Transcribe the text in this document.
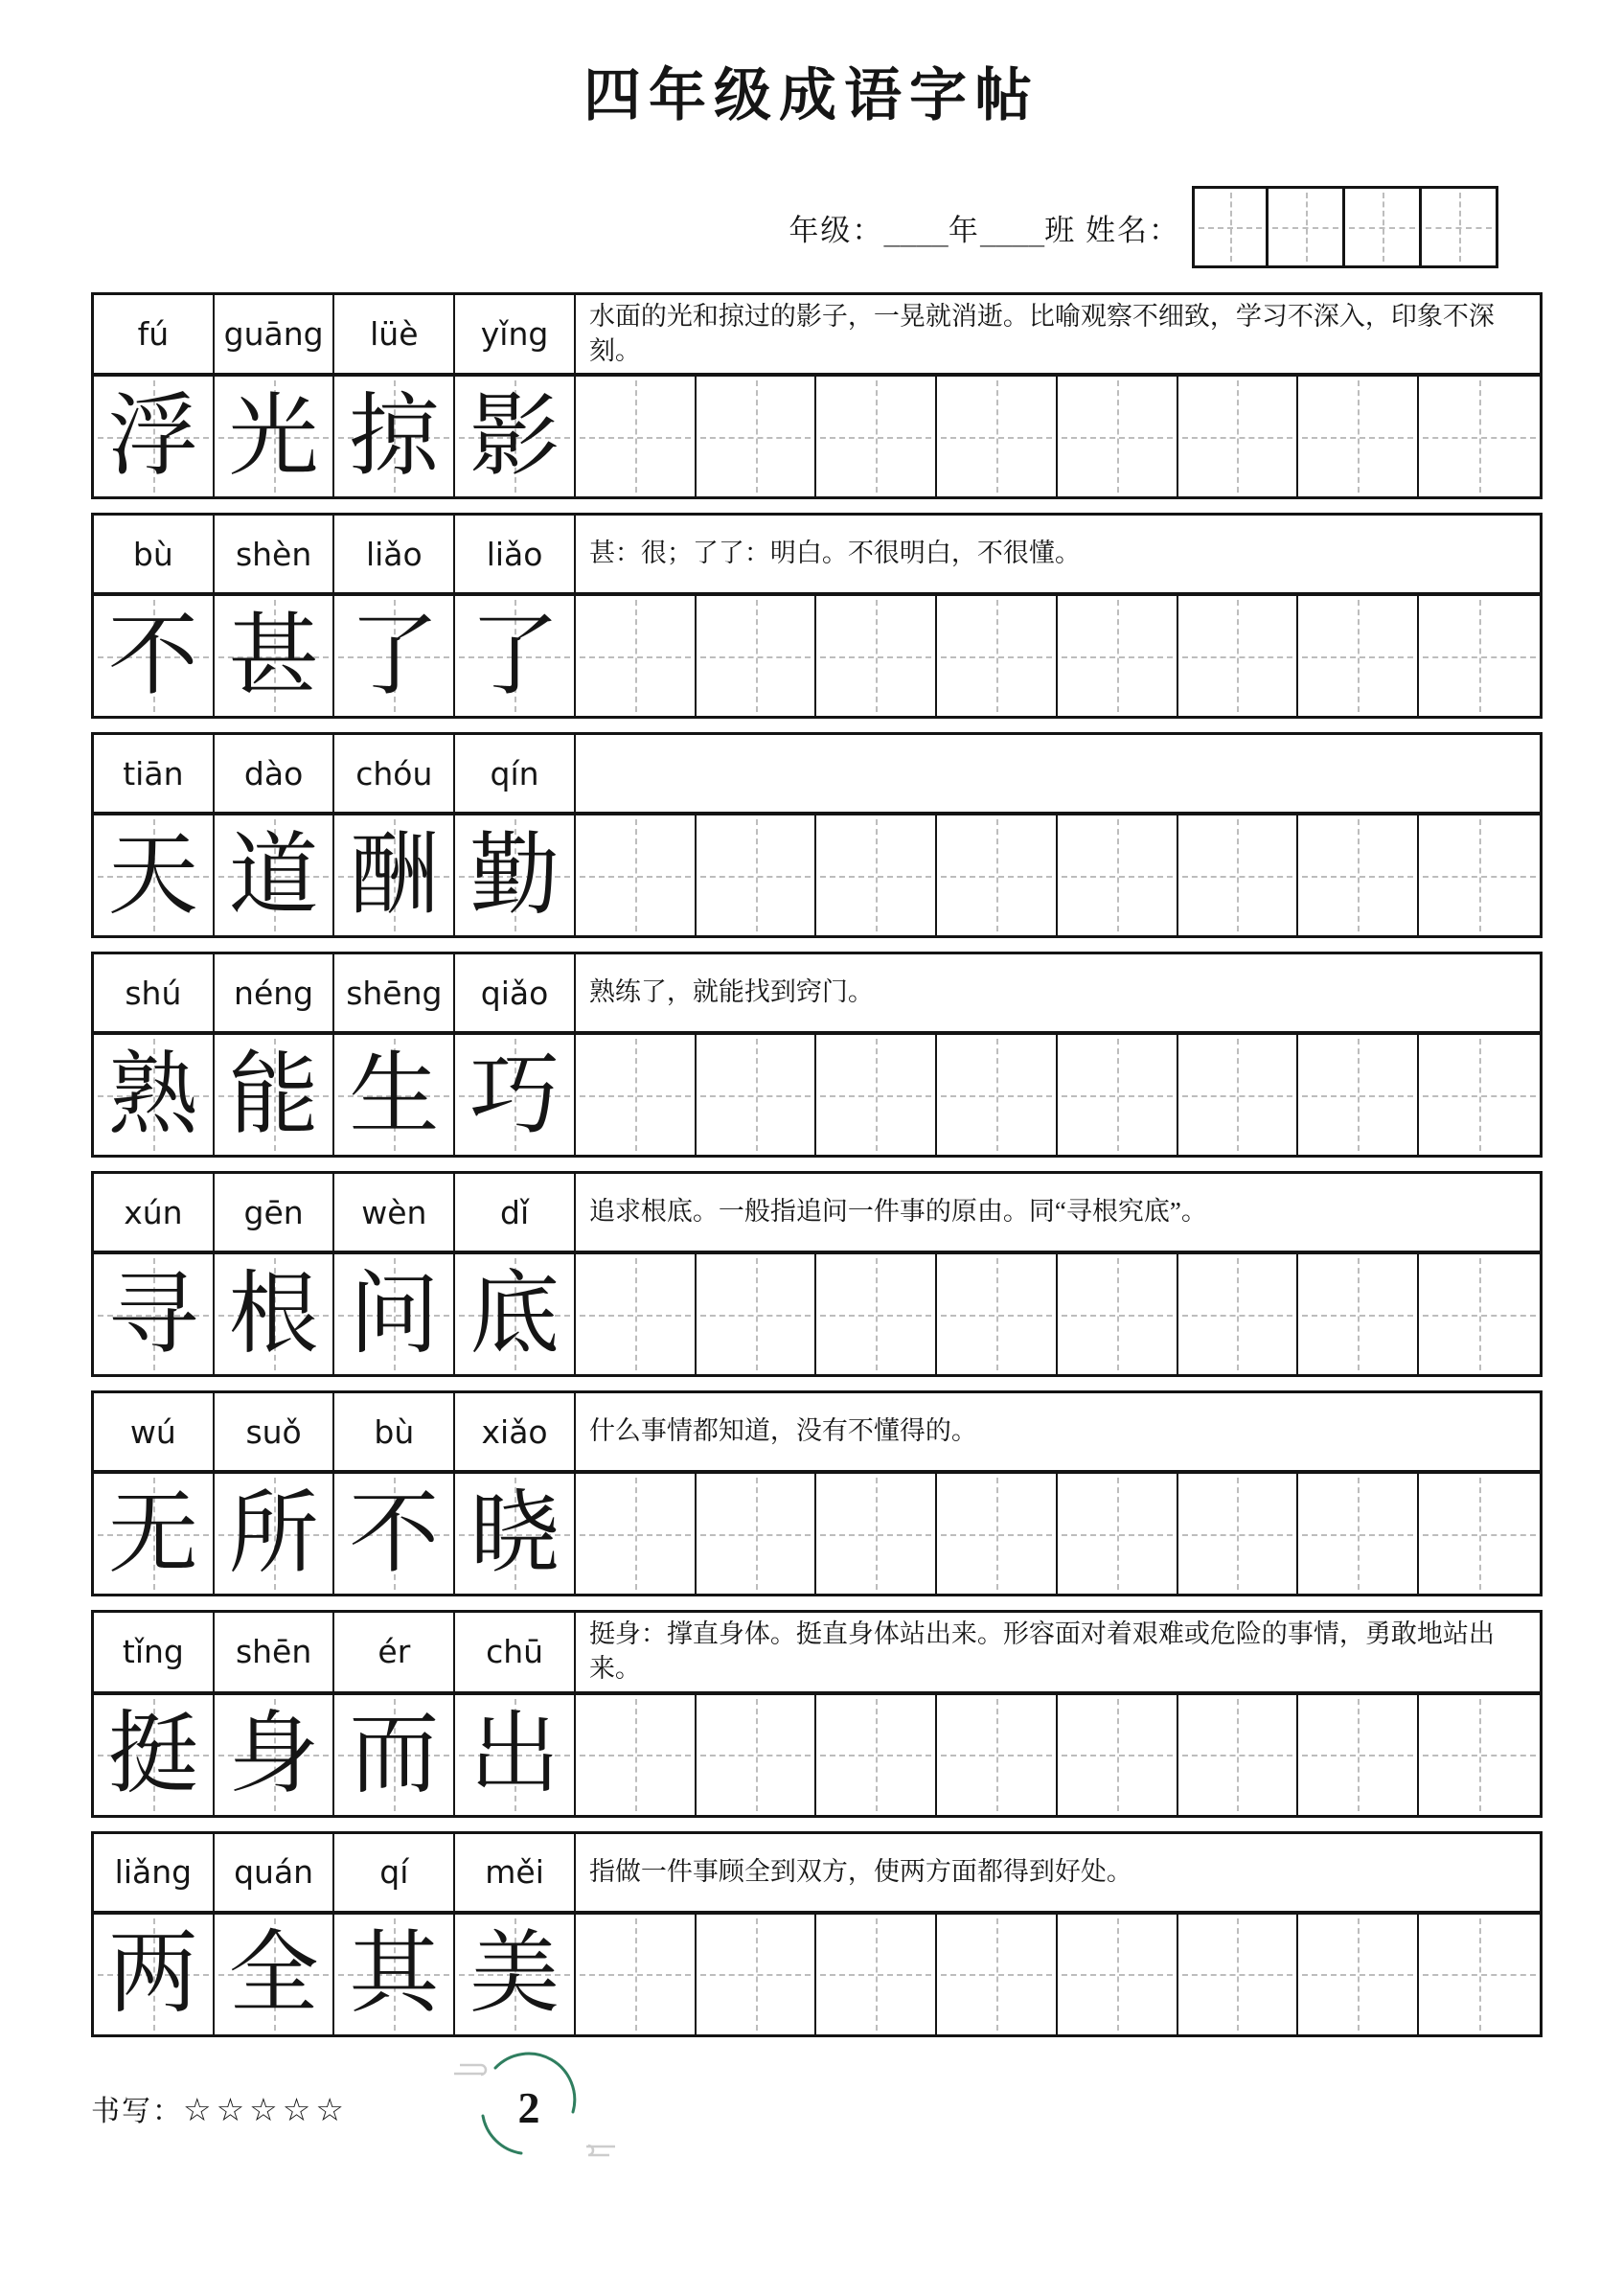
四年级成语字帖
年级：____年____班 姓名：
fú	guāng	lüè	yǐng	水面的光和掠过的影子，一晃就消逝。比喻观察不细致，学习不深入，印象不深刻。
浮 光 掠 影
bù	shèn	liǎo	liǎo	甚：很；了了：明白。不很明白，不很懂。
不 甚 了 了
tiān	dào	chóu	qín
天 道 酬 勤
shú	néng	shēng	qiǎo	熟练了，就能找到窍门。
熟 能 生 巧
xún	gēn	wèn	dǐ	追求根底。一般指追问一件事的原由。同“寻根究底”。
寻 根 问 底
wú	suǒ	bù	xiǎo	什么事情都知道，没有不懂得的。
无 所 不 晓
tǐng	shēn	ér	chū	挺身：撑直身体。挺直身体站出来。形容面对着艰难或危险的事情，勇敢地站出来。
挺 身 而 出
liǎng	quán	qí	měi	指做一件事顾全到双方，使两方面都得到好处。
两 全 其 美
书写：☆☆☆☆☆	2
